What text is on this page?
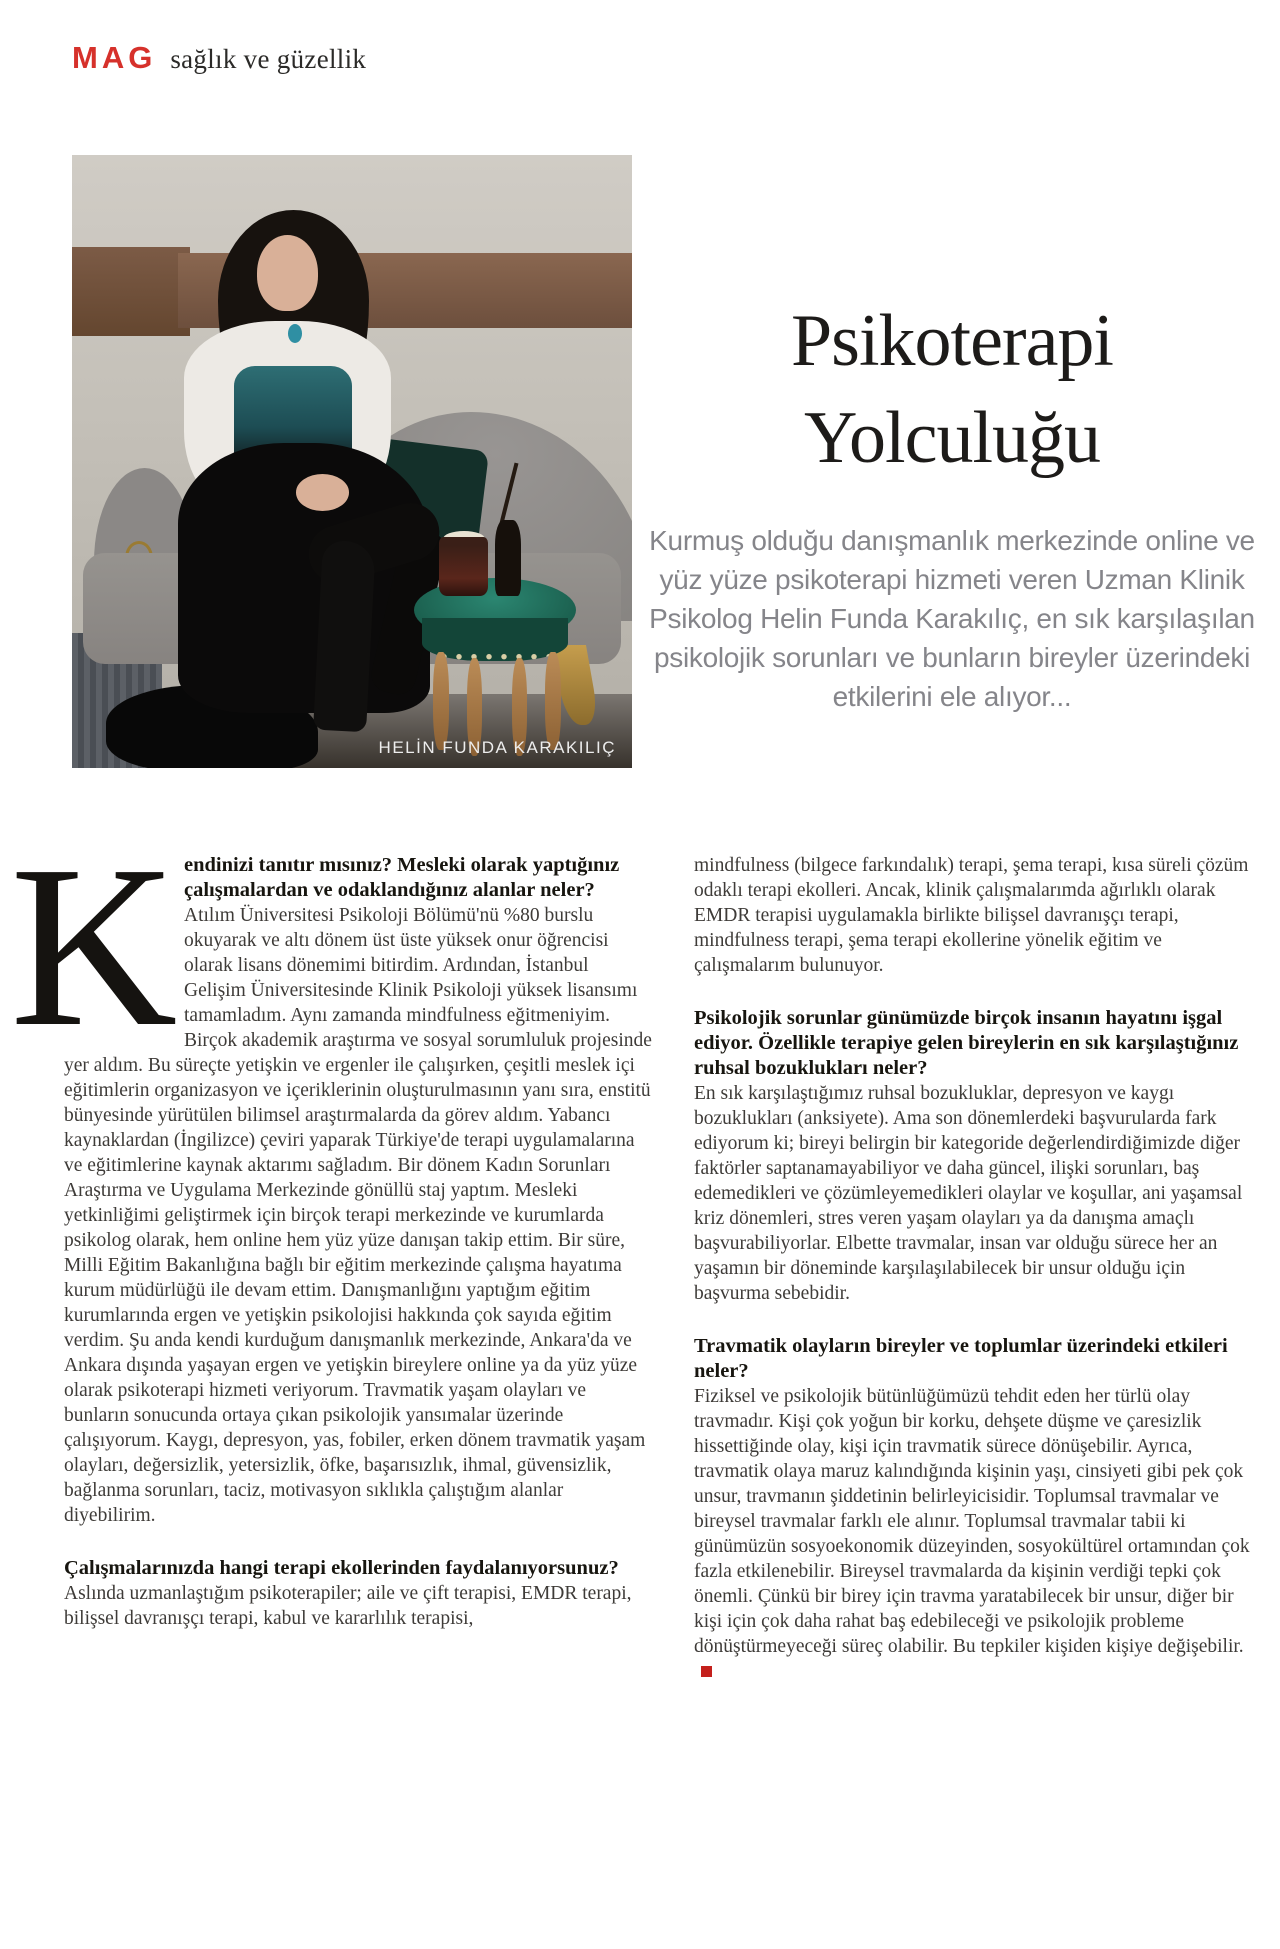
MAG sağlık ve güzellik
HELİN FUNDA KARAKILIÇ
Psikoterapi
Yolculuğu

Kurmuş olduğu danışmanlık merkezinde online ve yüz yüze psikoterapi hizmeti veren Uzman Klinik Psikolog Helin Funda Karakılıç, en sık karşılaşılan psikolojik sorunları ve bunların bireyler üzerindeki etkilerini ele alıyor...

K endinizi tanıtır mısınız? Mesleki olarak yaptığınız çalışmalardan ve odaklandığınız alanlar neler?

Atılım Üniversitesi Psikoloji Bölümü'nü %80 burslu okuyarak ve altı dönem üst üste yüksek onur öğrencisi olarak lisans dönemimi bitirdim. Ardından, İstanbul Gelişim Üniversitesinde Klinik Psikoloji yüksek lisansımı tamamladım. Aynı zamanda mindfulness eğitmeniyim. Birçok akademik araştırma ve sosyal sorumluluk projesinde yer aldım. Bu süreçte yetişkin ve ergenler ile çalışırken, çeşitli meslek içi eğitimlerin organizasyon ve içeriklerinin oluşturulmasının yanı sıra, enstitü bünyesinde yürütülen bilimsel araştırmalarda da görev aldım. Yabancı kaynaklardan (İngilizce) çeviri yaparak Türkiye'de terapi uygulamalarına ve eğitimlerine kaynak aktarımı sağladım. Bir dönem Kadın Sorunları Araştırma ve Uygulama Merkezinde gönüllü staj yaptım. Mesleki yetkinliğimi geliştirmek için birçok terapi merkezinde ve kurumlarda psikolog olarak, hem online hem yüz yüze danışan takip ettim. Bir süre, Milli Eğitim Bakanlığına bağlı bir eğitim merkezinde çalışma hayatıma kurum müdürlüğü ile devam ettim. Danışmanlığını yaptığım eğitim kurumlarında ergen ve yetişkin psikolojisi hakkında çok sayıda eğitim verdim. Şu anda kendi kurduğum danışmanlık merkezinde, Ankara'da ve Ankara dışında yaşayan ergen ve yetişkin bireylere online ya da yüz yüze olarak psikoterapi hizmeti veriyorum. Travmatik yaşam olayları ve bunların sonucunda ortaya çıkan psikolojik yansımalar üzerinde çalışıyorum. Kaygı, depresyon, yas, fobiler, erken dönem travmatik yaşam olayları, değersizlik, yetersizlik, öfke, başarısızlık, ihmal, güvensizlik, bağlanma sorunları, taciz, motivasyon sıklıkla çalıştığım alanlar diyebilirim.

Çalışmalarınızda hangi terapi ekollerinden faydalanıyorsunuz?

Aslında uzmanlaştığım psikoterapiler; aile ve çift terapisi, EMDR terapi, bilişsel davranışçı terapi, kabul ve kararlılık terapisi,

mindfulness (bilgece farkındalık) terapi, şema terapi, kısa süreli çözüm odaklı terapi ekolleri. Ancak, klinik çalışmalarımda ağırlıklı olarak EMDR terapisi uygulamakla birlikte bilişsel davranışçı terapi, mindfulness terapi, şema terapi ekollerine yönelik eğitim ve çalışmalarım bulunuyor.

Psikolojik sorunlar günümüzde birçok insanın hayatını işgal ediyor. Özellikle terapiye gelen bireylerin en sık karşılaştığınız ruhsal bozuklukları neler?

En sık karşılaştığımız ruhsal bozukluklar, depresyon ve kaygı bozuklukları (anksiyete). Ama son dönemlerdeki başvurularda fark ediyorum ki; bireyi belirgin bir kategoride değerlendirdiğimizde diğer faktörler saptanamayabiliyor ve daha güncel, ilişki sorunları, baş edemedikleri ve çözümleyemedikleri olaylar ve koşullar, ani yaşamsal kriz dönemleri, stres veren yaşam olayları ya da danışma amaçlı başvurabiliyorlar. Elbette travmalar, insan var olduğu sürece her an yaşamın bir döneminde karşılaşılabilecek bir unsur olduğu için başvurma sebebidir.

Travmatik olayların bireyler ve toplumlar üzerindeki etkileri neler?

Fiziksel ve psikolojik bütünlüğümüzü tehdit eden her türlü olay travmadır. Kişi çok yoğun bir korku, dehşete düşme ve çaresizlik hissettiğinde olay, kişi için travmatik sürece dönüşebilir. Ayrıca, travmatik olaya maruz kalındığında kişinin yaşı, cinsiyeti gibi pek çok unsur, travmanın şiddetinin belirleyicisidir. Toplumsal travmalar ve bireysel travmalar farklı ele alınır. Toplumsal travmalar tabii ki günümüzün sosyoekonomik düzeyinden, sosyokültürel ortamından çok fazla etkilenebilir. Bireysel travmalarda da kişinin verdiği tepki çok önemli. Çünkü bir birey için travma yaratabilecek bir unsur, diğer bir kişi için çok daha rahat baş edebileceği ve psikolojik probleme dönüştürmeyeceği süreç olabilir. Bu tepkiler kişiden kişiye değişebilir.
